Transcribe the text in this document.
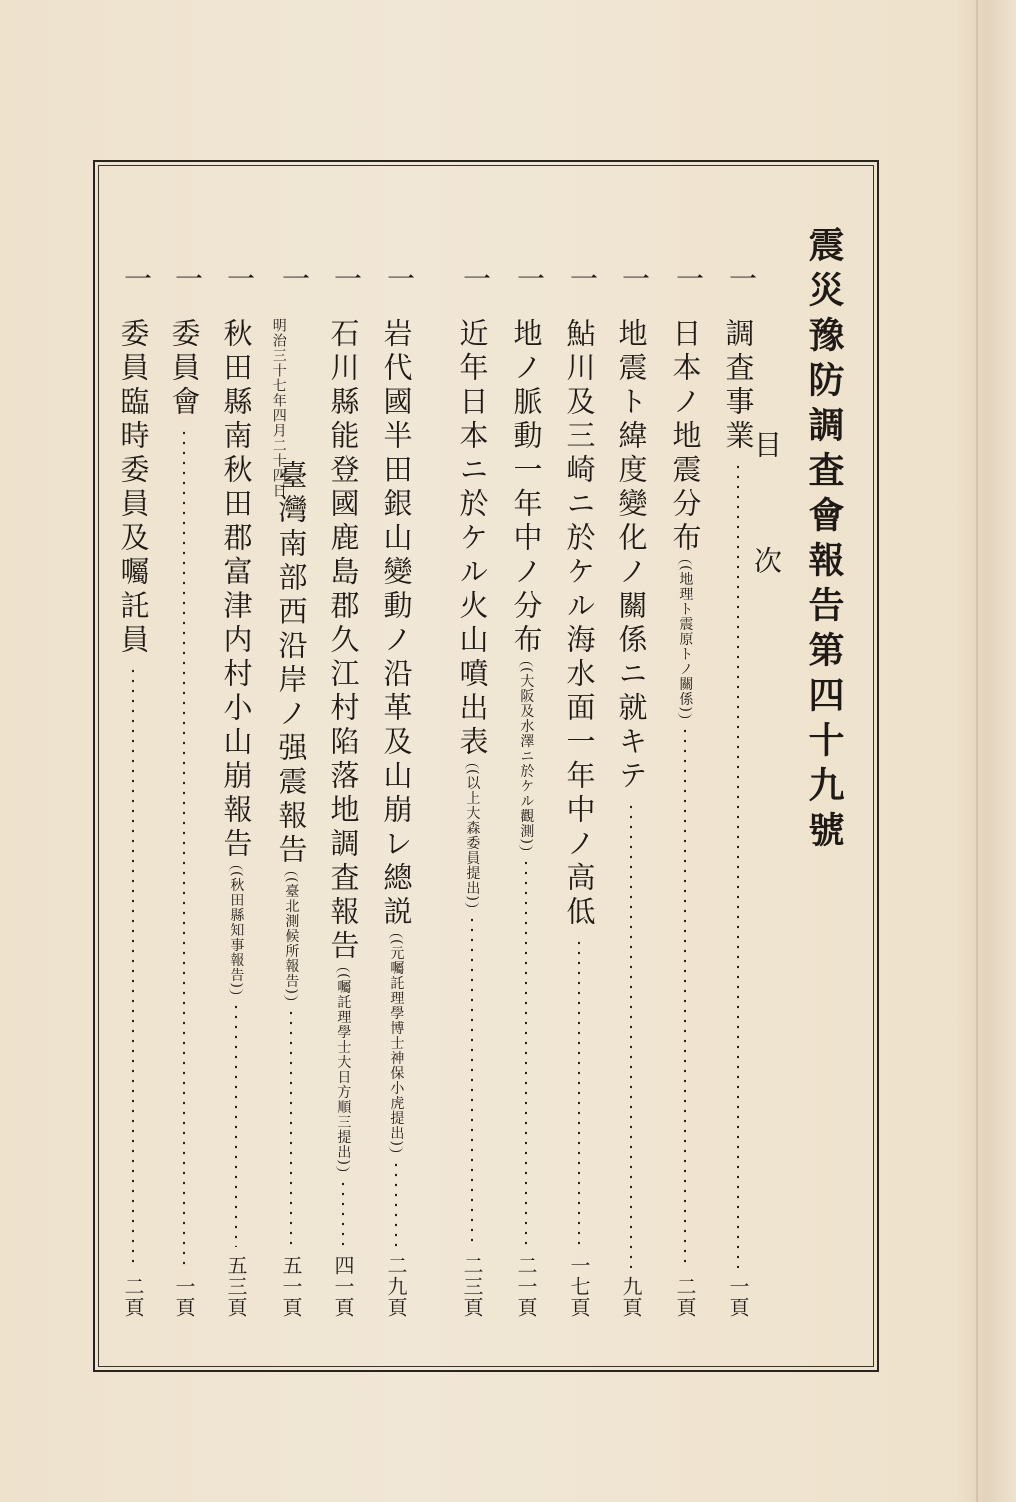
震災豫防調査會報告第四十九號
目　次
一
調査事業
一頁
一
日本ノ地震分布
(地理ト震原トノ關係)
二頁
一
地震ト緯度變化ノ關係ニ就キテ
九頁
一
鮎川及三崎ニ於ケル海水面一年中ノ高低
一七頁
一
地ノ脈動一年中ノ分布
(大阪及水澤ニ於ケル觀測)
二一頁
一
近年日本ニ於ケル火山噴出表
(以上大森委員提出)
二三頁
一
岩代國半田銀山變動ノ沿革及山崩レ總説
(元囑託理學博士神保小虎提出)
二九頁
一
石川縣能登國鹿島郡久江村陷落地調査報告
(囑託理學士大日方順三提出)
四一頁
一
臺灣南部西沿岸ノ强震報告
(臺北測候所報告)
五一頁
明治三十七年四月二十四日
一
秋田縣南秋田郡富津内村小山崩報告
(秋田縣知事報告)
五三頁
一
委員會
一頁
一
委員臨時委員及囑託員
二頁
